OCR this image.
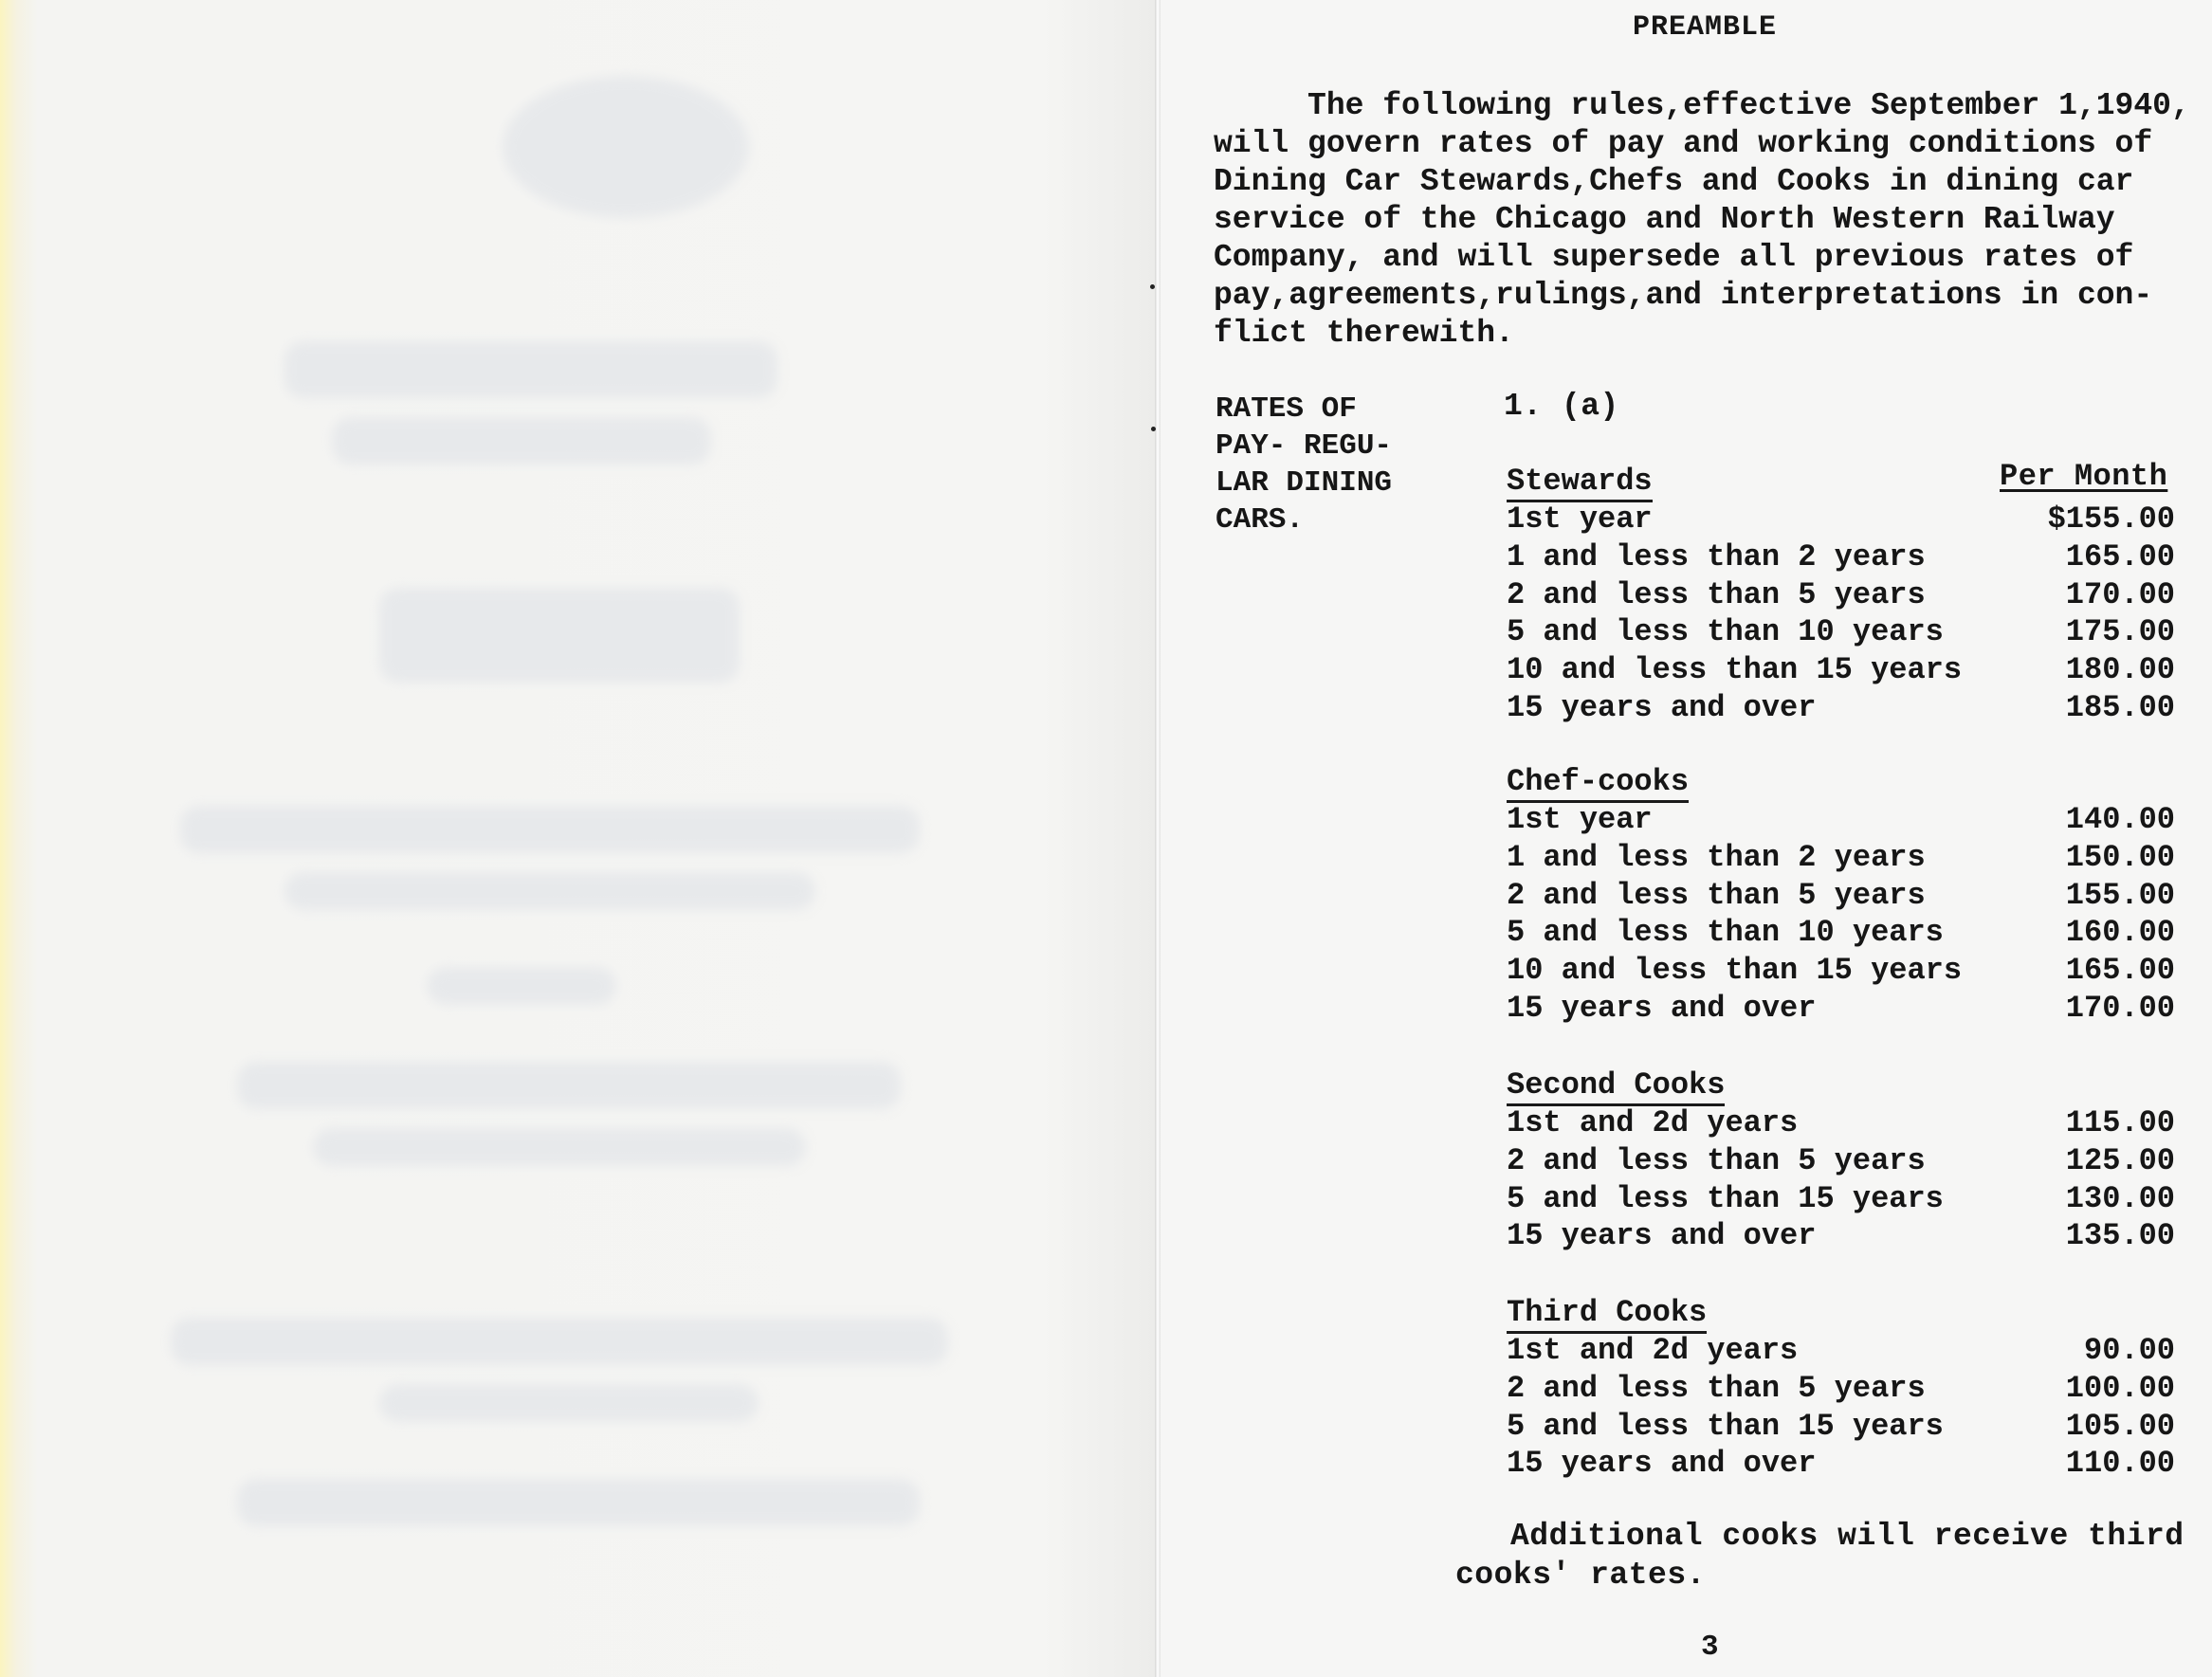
PREAMBLE

The following rules,effective September 1,1940,
will govern rates of pay and working conditions of
Dining Car Stewards,Chefs and Cooks in dining car
service of the Chicago and North Western Railway
Company, and will supersede all previous rates of
pay,agreements,rulings,and interpretations in con-
flict therewith.

RATES OF
PAY- REGU-
LAR DINING
CARS.
1. (a)
Per Month
Stewards
1st year	$155.00
1 and less than 2 years	165.00
2 and less than 5 years	170.00
5 and less than 10 years	175.00
10 and less than 15 years	180.00
15 years and over	185.00
Chef-cooks
1st year	140.00
1 and less than 2 years	150.00
2 and less than 5 years	155.00
5 and less than 10 years	160.00
10 and less than 15 years	165.00
15 years and over	170.00
Second Cooks
1st and 2d years	115.00
2 and less than 5 years	125.00
5 and less than 15 years	130.00
15 years and over	135.00
Third Cooks
1st and 2d years	90.00
2 and less than 5 years	100.00
5 and less than 15 years	105.00
15 years and over	110.00
Additional cooks will receive third
cooks' rates.
3
